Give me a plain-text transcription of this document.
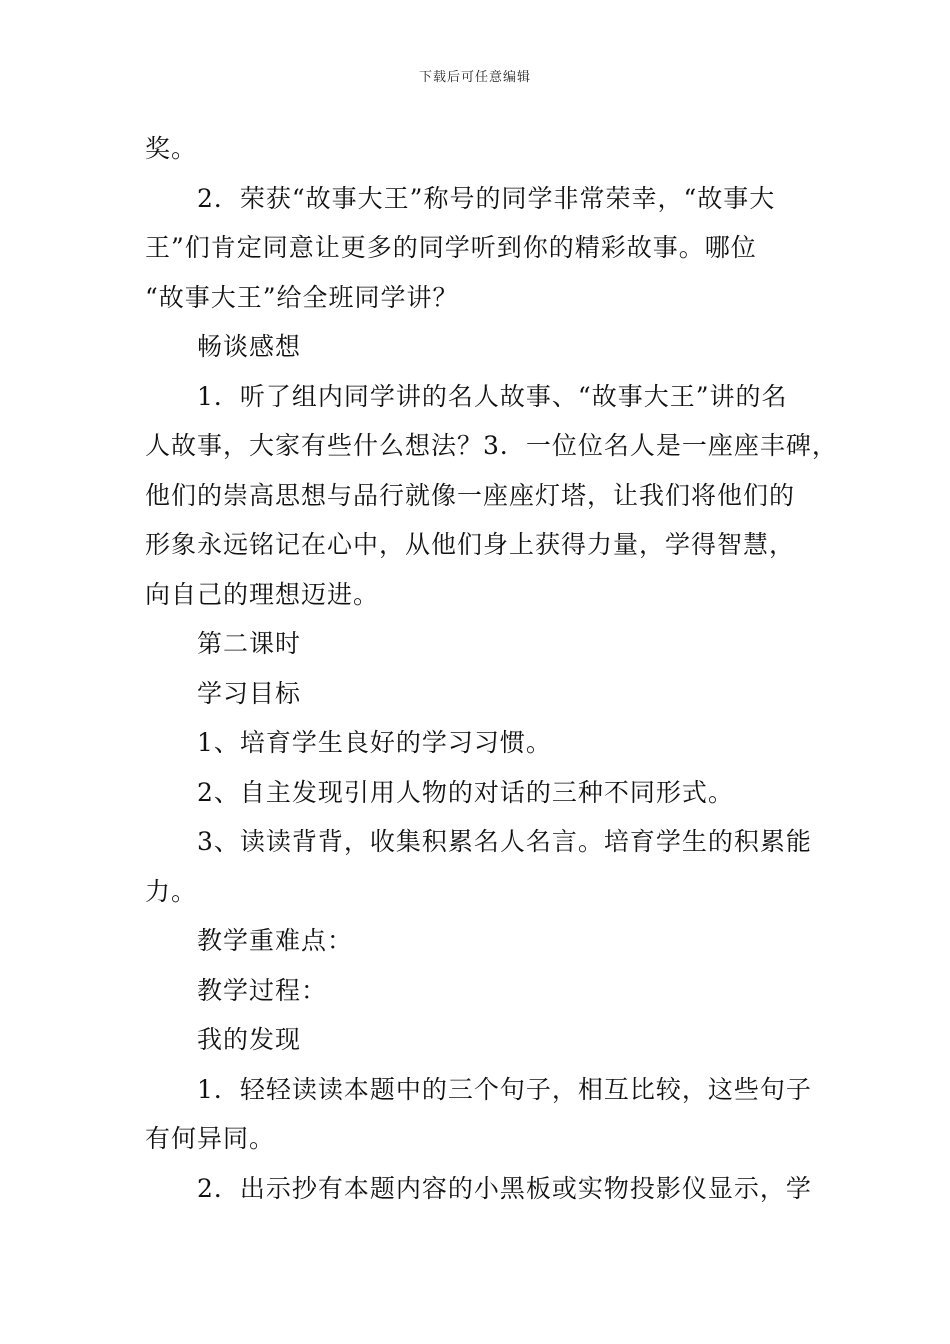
下载后可任意编辑
奖。
2．荣获“故事大王”称号的同学非常荣幸，“故事大
王”们肯定同意让更多的同学听到你的精彩故事。哪位
“故事大王”给全班同学讲？
畅谈感想
1．听了组内同学讲的名人故事、“故事大王”讲的名
人故事，大家有些什么想法？3．一位位名人是一座座丰碑，
他们的崇高思想与品行就像一座座灯塔，让我们将他们的
形象永远铭记在心中，从他们身上获得力量，学得智慧，
向自己的理想迈进。
第二课时
学习目标
1、培育学生良好的学习习惯。
2、自主发现引用人物的对话的三种不同形式。
3、读读背背，收集积累名人名言。培育学生的积累能
力。
教学重难点：
教学过程：
我的发现
1．轻轻读读本题中的三个句子，相互比较，这些句子
有何异同。
2．出示抄有本题内容的小黑板或实物投影仪显示，学
